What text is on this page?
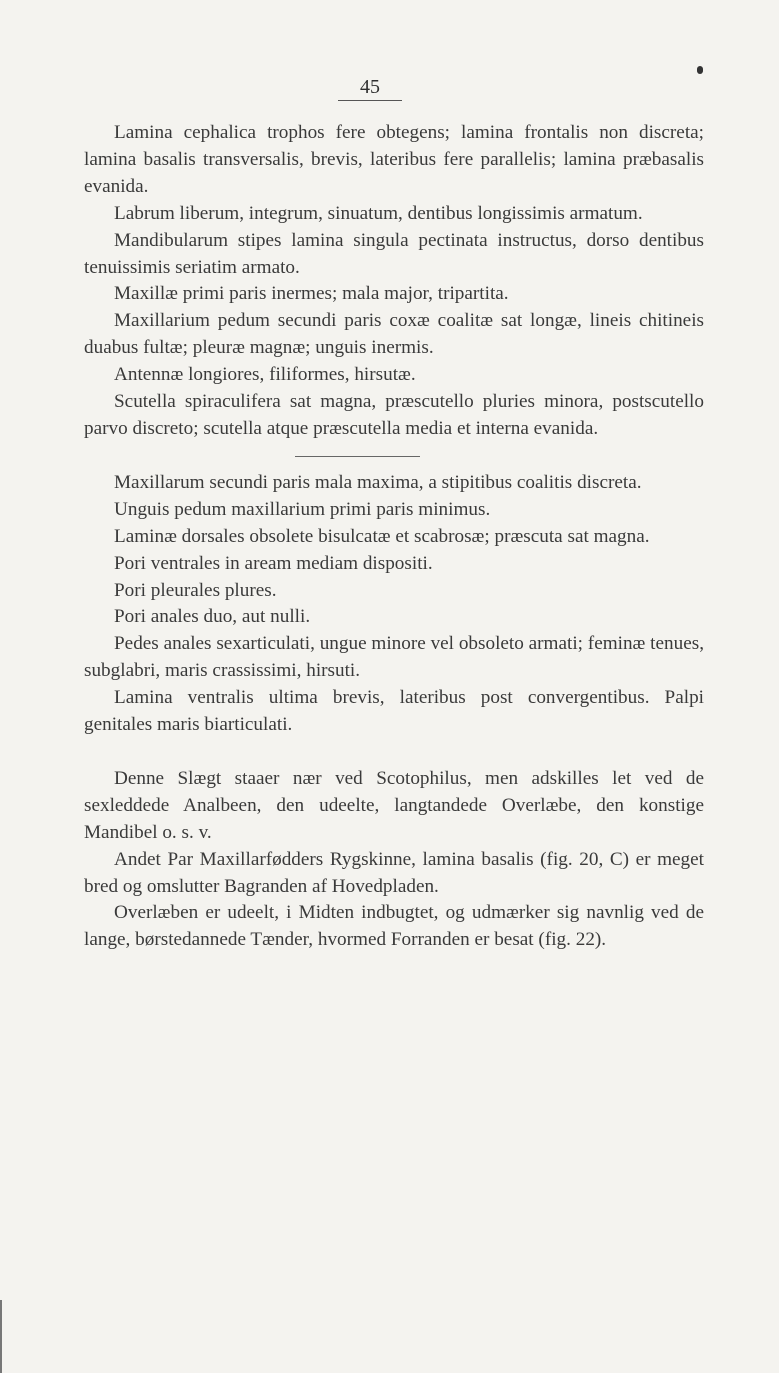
45

Lamina cephalica trophos fere obtegens; lamina frontalis non discreta; lamina basalis transversalis, brevis, lateribus fere parallelis; lamina præbasalis evanida.

Labrum liberum, integrum, sinuatum, dentibus longissimis armatum.

Mandibularum stipes lamina singula pectinata instructus, dorso dentibus tenuissimis seriatim armato.

Maxillæ primi paris inermes; mala major, tripartita.

Maxillarium pedum secundi paris coxæ coalitæ sat longæ, lineis chitineis duabus fultæ; pleuræ magnæ; unguis inermis.

Antennæ longiores, filiformes, hirsutæ.

Scutella spiraculifera sat magna, præscutello pluries minora, postscutello parvo discreto; scutella atque præscutella media et interna evanida.

Maxillarum secundi paris mala maxima, a stipitibus coalitis discreta.

Unguis pedum maxillarium primi paris minimus.

Laminæ dorsales obsolete bisulcatæ et scabrosæ; præscuta sat magna.

Pori ventrales in aream mediam dispositi.

Pori pleurales plures.

Pori anales duo, aut nulli.

Pedes anales sexarticulati, ungue minore vel obsoleto armati; feminæ tenues, subglabri, maris crassissimi, hirsuti.

Lamina ventralis ultima brevis, lateribus post convergentibus. Palpi genitales maris biarticulati.

Denne Slægt staaer nær ved Scotophilus, men adskilles let ved de sexleddede Analbeen, den udeelte, langtandede Overlæbe, den konstige Mandibel o. s. v.

Andet Par Maxillarfødders Rygskinne, lamina basalis (fig. 20, C) er meget bred og omslutter Bagranden af Hovedpladen.

Overlæben er udeelt, i Midten indbugtet, og udmærker sig navnlig ved de lange, børstedannede Tænder, hvormed Forranden er besat (fig. 22).
